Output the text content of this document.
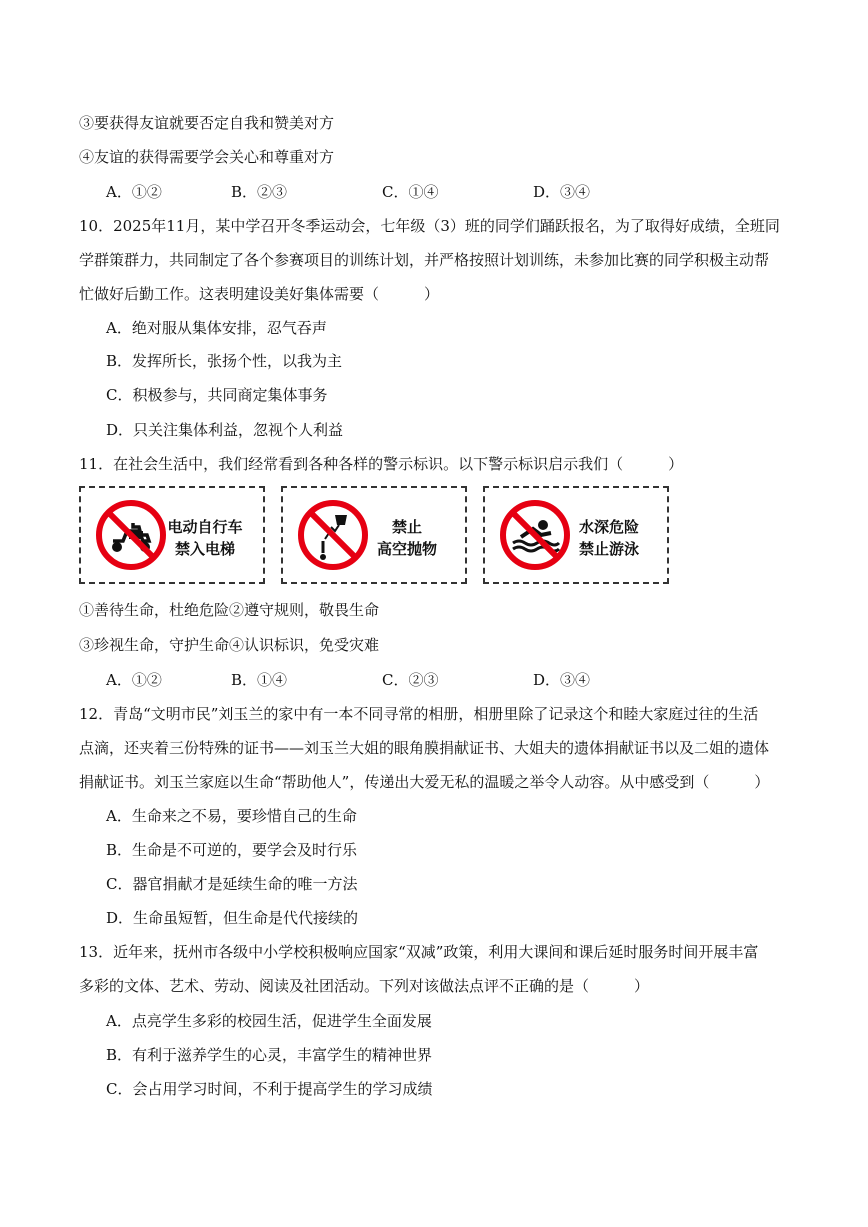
③要获得友谊就要否定自我和赞美对方
④友谊的获得需要学会关心和尊重对方
A．①②	B．②③	C．①④	D．③④
10．2025年11月，某中学召开冬季运动会，七年级（3）班的同学们踊跃报名，为了取得好成绩，全班同
学群策群力，共同制定了各个参赛项目的训练计划，并严格按照计划训练，未参加比赛的同学积极主动帮
忙做好后勤工作。这表明建设美好集体需要（　　　）
A．绝对服从集体安排，忍气吞声
B．发挥所长，张扬个性，以我为主
C．积极参与，共同商定集体事务
D．只关注集体利益，忽视个人利益
11．在社会生活中，我们经常看到各种各样的警示标识。以下警示标识启示我们（　　　）
电动自行车
禁入电梯
禁止
高空抛物
水深危险
禁止游泳
①善待生命，杜绝危险②遵守规则，敬畏生命
③珍视生命，守护生命④认识标识，免受灾难
A．①②	B．①④	C．②③	D．③④
12．青岛“文明市民”刘玉兰的家中有一本不同寻常的相册，相册里除了记录这个和睦大家庭过往的生活
点滴，还夹着三份特殊的证书——刘玉兰大姐的眼角膜捐献证书、大姐夫的遗体捐献证书以及二姐的遗体
捐献证书。刘玉兰家庭以生命“帮助他人”，传递出大爱无私的温暖之举令人动容。从中感受到（　　　）
A．生命来之不易，要珍惜自己的生命
B．生命是不可逆的，要学会及时行乐
C．器官捐献才是延续生命的唯一方法
D．生命虽短暂，但生命是代代接续的
13．近年来，抚州市各级中小学校积极响应国家“双减”政策，利用大课间和课后延时服务时间开展丰富
多彩的文体、艺术、劳动、阅读及社团活动。下列对该做法点评不正确的是（　　　）
A．点亮学生多彩的校园生活，促进学生全面发展
B．有利于滋养学生的心灵，丰富学生的精神世界
C．会占用学习时间，不利于提高学生的学习成绩
